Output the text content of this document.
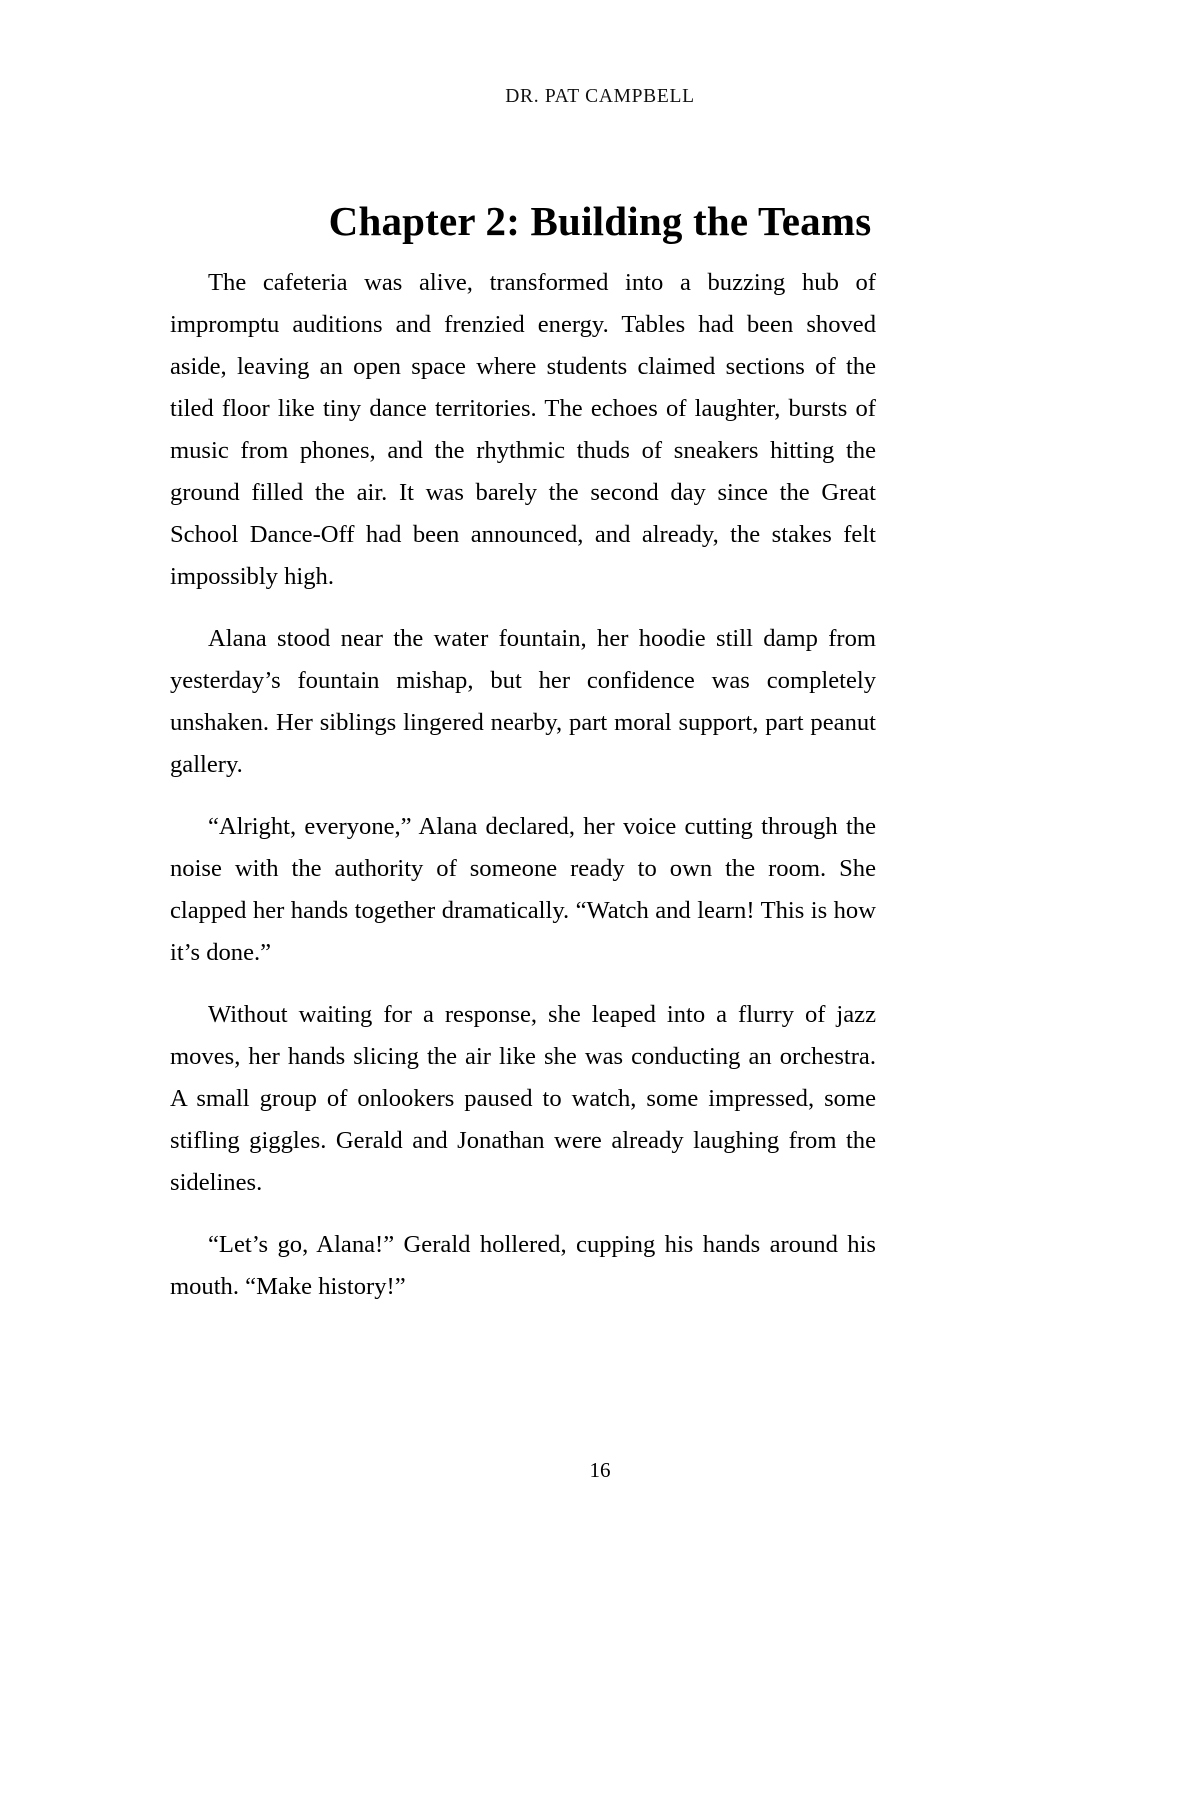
DR. PAT CAMPBELL
Chapter 2: Building the Teams

The cafeteria was alive, transformed into a buzzing hub of impromptu auditions and frenzied energy. Tables had been shoved aside, leaving an open space where students claimed sections of the tiled floor like tiny dance territories. The echoes of laughter, bursts of music from phones, and the rhythmic thuds of sneakers hitting the ground filled the air. It was barely the second day since the Great School Dance-Off had been announced, and already, the stakes felt impossibly high.

Alana stood near the water fountain, her hoodie still damp from yesterday’s fountain mishap, but her confidence was completely unshaken. Her siblings lingered nearby, part moral support, part peanut gallery.

“Alright, everyone,” Alana declared, her voice cutting through the noise with the authority of someone ready to own the room. She clapped her hands together dramatically. “Watch and learn! This is how it’s done.”

Without waiting for a response, she leaped into a flurry of jazz moves, her hands slicing the air like she was conducting an orchestra. A small group of onlookers paused to watch, some impressed, some stifling giggles. Gerald and Jonathan were already laughing from the sidelines.

“Let’s go, Alana!” Gerald hollered, cupping his hands around his mouth. “Make history!”

16
